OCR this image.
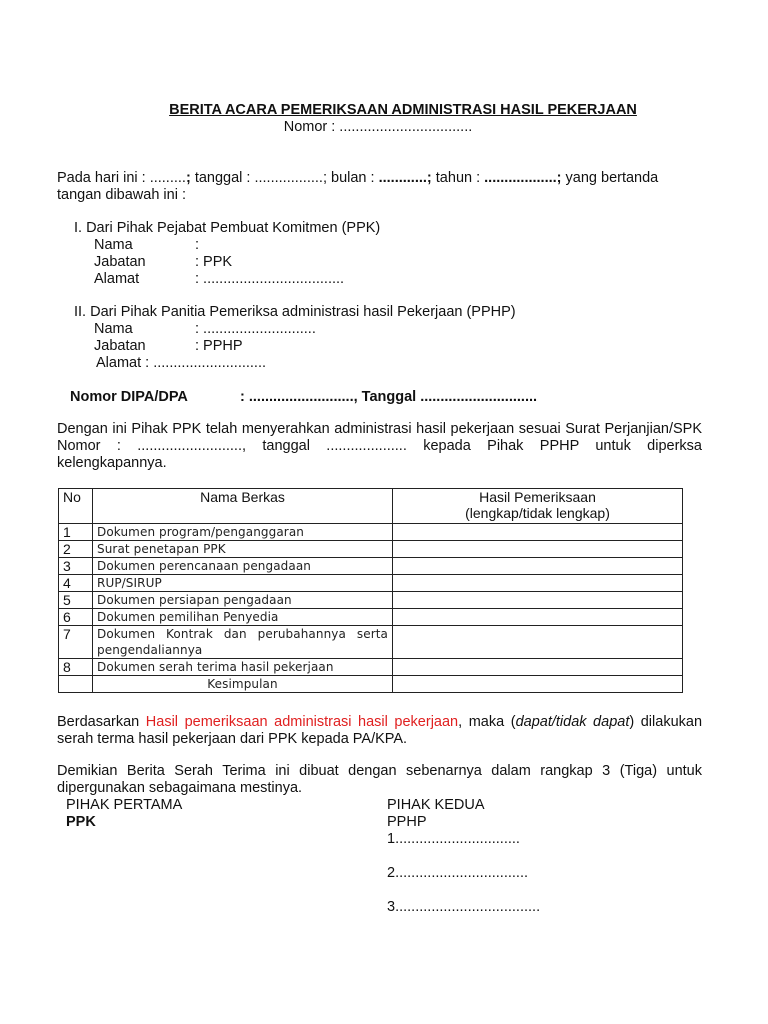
BERITA ACARA PEMERIKSAAN ADMINISTRASI HASIL PEKERJAAN
Nomor : .................................
Pada hari ini : .........; tanggal : .................; bulan : ............; tahun : ..................; yang bertanda
tangan dibawah ini :
I. Dari Pihak Pejabat Pembuat Komitmen (PPK)
Nama	:
Jabatan	: PPK
Alamat	: ...................................
II. Dari Pihak Panitia Pemeriksa administrasi hasil Pekerjaan (PPHP)
Nama	: ............................
Jabatan	: PPHP
Alamat : ............................
Nomor DIPA/DPA	: .........................., Tanggal .............................
Dengan ini Pihak PPK telah menyerahkan administrasi hasil pekerjaan sesuai Surat Perjanjian/SPK Nomor : .........................., tanggal .................... kepada Pihak PPHP untuk diperksa kelengkapannya.
No	Nama Berkas	Hasil Pemeriksaan
(lengkap/tidak lengkap)

1	Dokumen program/penganggaran	
2	Surat penetapan PPK	
3	Dokumen perencanaan pengadaan	
4	RUP/SIRUP	
5	Dokumen persiapan pengadaan	
6	Dokumen pemilihan Penyedia	
7	Dokumen Kontrak dan perubahannya serta
pengendaliannya	

8	Dokumen serah terima hasil pekerjaan	
	Kesimpulan	
Berdasarkan Hasil pemeriksaan administrasi hasil pekerjaan, maka (dapat/tidak dapat) dilakukan serah terma hasil pekerjaan dari PPK kepada PA/KPA.
Demikian Berita Serah Terima ini dibuat dengan sebenarnya dalam rangkap 3 (Tiga) untuk dipergunakan sebagaimana mestinya.
PIHAK PERTAMA
PPK
PIHAK KEDUA
PPHP
1...............................
2.................................
3....................................
